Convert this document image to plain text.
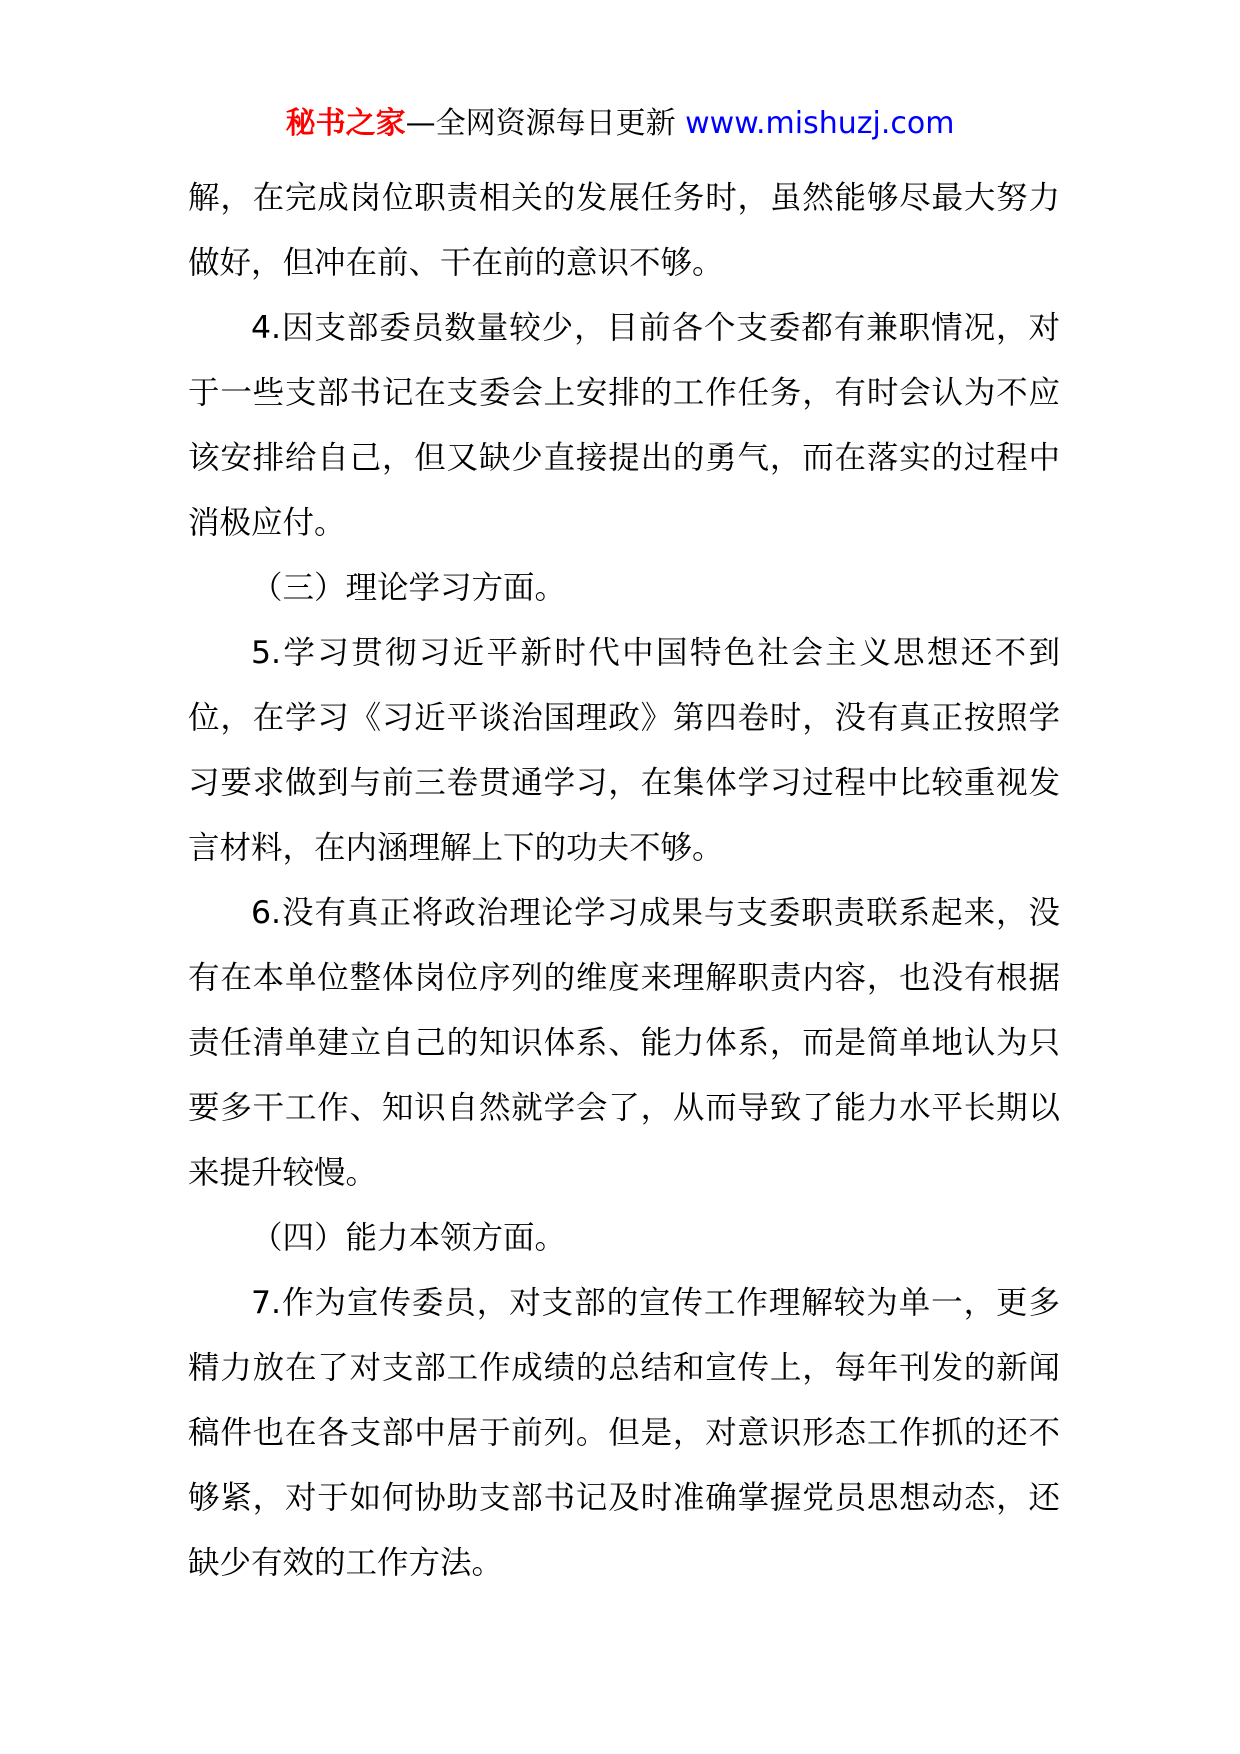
秘书之家—全网资源每日更新 www.mishuzj.com

解，在完成岗位职责相关的发展任务时，虽然能够尽最大努力做好，但冲在前、干在前的意识不够。

4.因支部委员数量较少，目前各个支委都有兼职情况，对于一些支部书记在支委会上安排的工作任务，有时会认为不应该安排给自己，但又缺少直接提出的勇气，而在落实的过程中消极应付。

（三）理论学习方面。

5.学习贯彻习近平新时代中国特色社会主义思想还不到位，在学习《习近平谈治国理政》第四卷时，没有真正按照学习要求做到与前三卷贯通学习，在集体学习过程中比较重视发言材料，在内涵理解上下的功夫不够。

6.没有真正将政治理论学习成果与支委职责联系起来，没有在本单位整体岗位序列的维度来理解职责内容，也没有根据责任清单建立自己的知识体系、能力体系，而是简单地认为只要多干工作、知识自然就学会了，从而导致了能力水平长期以来提升较慢。

（四）能力本领方面。

7.作为宣传委员，对支部的宣传工作理解较为单一，更多精力放在了对支部工作成绩的总结和宣传上，每年刊发的新闻稿件也在各支部中居于前列。但是，对意识形态工作抓的还不够紧，对于如何协助支部书记及时准确掌握党员思想动态，还缺少有效的工作方法。
